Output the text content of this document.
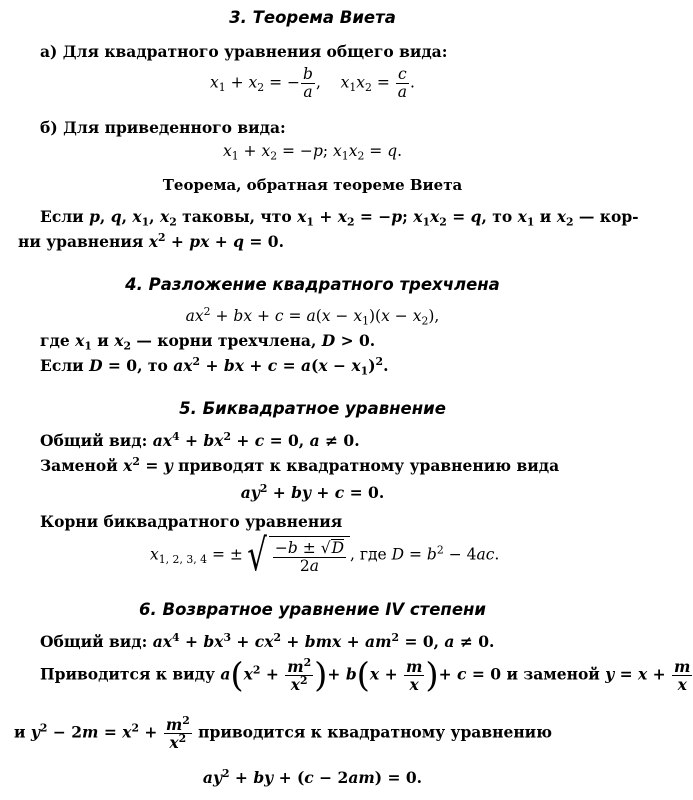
3. Теорема Виета
а) Для квадратного уравнения общего вида:
$x_1 + x_2$ = − $\frac{b}{a}$ ,    $x_1x_2 = \frac{c}{a}$ .
б) Для приведенного вида:
$x_1 + x_2 = -p$; $x_1x_2 = q$.
Теорема, обратная теореме Виета
Если p, q, $x_1$, $x_2$ таковы, что $x_1 + x_2 = -p$; $x_1x_2 = q$, то $x_1$ и $x_2$ — кор-
ни уравнения $x^2$ + px + q = 0.
4. Разложение квадратного трехчлена
$ax^2$ + bx + $c = a(x - x_1)(x - x_2)$,
где $x_1$ и $x_2$ — корни трехчлена, D > 0.
Если D = 0, то $ax^2$ + bx + $c = a(x - x_1)^2$.
5. Биквадратное уравнение
Общий вид: $ax^4 + bx^2 + c = 0$, a ≠ 0.
Заменой $x^2 = y$ приводят к квадратному уравнению вида
$ay^2$ + by + c = 0.
Корни биквадратного уравнения
$x_{1, 2, 3, 4}$ = ± √ $\frac{-b \pm √D}{2a}$ , где $D = b^2 - 4ac$.
6. Возвратное уравнение IV степени
Общий вид: $ax^4 + bx^3 + cx^2$ + bmx + $am^2 = 0$, a ≠ 0.
Приводится к виду $a(x^2 + \frac{m^2}{x^2}$ )+ $b(x + \frac{m}{x}$ )+ c = 0 и заменой $y = x + \frac{m}{x}$
и $y^2 - 2m = x^2 + \frac{m^2}{x^2}$ приводится к квадратному уравнению
$ay^2$ + by + (c − 2am) = 0.
